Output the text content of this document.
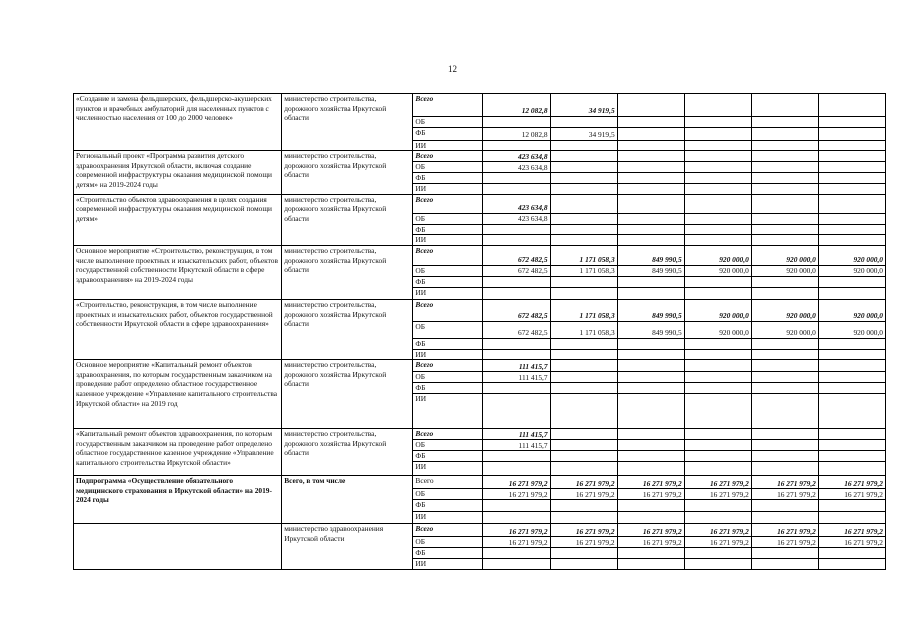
12
«Создание и замена фельдшерских, фельдшерско-акушерских пунктов и врачебных амбулаторий для населенных пунктов с численностью населения от 100 до 2000 человек»	министерство строительства, дорожного хозяйства Иркутской области	Всего	12 082,8	34 919,5				
		ОБ						
		ФБ	12 082,8	34 919,5				
		ИИ						
Региональный проект «Программа развития детского здравоохранения Иркутской области, включая создание современной инфраструктуры оказания медицинской помощи детям» на 2019-2024 годы	министерство строительства, дорожного хозяйства Иркутской области	Всего	423 634,8					
		ОБ	423 634,8					
		ФБ						
		ИИ						
«Строительство объектов здравоохранения в целях создания современной инфраструктуры оказания медицинской помощи детям»	министерство строительства, дорожного хозяйства Иркутской области	Всего	423 634,8					
		ОБ	423 634,8					
		ФБ						
		ИИ						
Основное мероприятие «Строительство, реконструкция, в том числе выполнение проектных и изыскательских работ, объектов государственной собственности Иркутской области в сфере здравоохранения» на 2019-2024 годы	министерство строительства, дорожного хозяйства Иркутской области	Всего	672 482,5	1 171 058,3	849 990,5	920 000,0	920 000,0	920 000,0
		ОБ	672 482,5	1 171 058,3	849 990,5	920 000,0	920 000,0	920 000,0
		ФБ						
		ИИ						
«Строительство, реконструкция, в том числе выполнение проектных и изыскательских работ, объектов государственной собственности Иркутской области в сфере здравоохранения»	министерство строительства, дорожного хозяйства Иркутской области	Всего	672 482,5	1 171 058,3	849 990,5	920 000,0	920 000,0	920 000,0
		ОБ	672 482,5	1 171 058,3	849 990,5	920 000,0	920 000,0	920 000,0
		ФБ						
		ИИ						
Основное мероприятие «Капитальный ремонт объектов здравоохранения, по которым государственным заказчиком на проведение работ определено областное государственное казенное учреждение «Управление капитального строительства Иркутской области» на 2019 год	министерство строительства, дорожного хозяйства Иркутской области	Всего	111 415,7					
		ОБ	111 415,7					
		ФБ						
		ИИ						
«Капитальный ремонт объектов здравоохранения, по которым государственным заказчиком на проведение работ определено областное государственное казенное учреждение «Управление капитального строительства Иркутской области»	министерство строительства, дорожного хозяйства Иркутской области	Всего	111 415,7					
		ОБ	111 415,7					
		ФБ						
		ИИ						
Подпрограмма «Осуществление обязательного медицинского страхования в Иркутской области» на 2019-2024 годы	Всего, в том числе	Всего	16 271 979,2	16 271 979,2	16 271 979,2	16 271 979,2	16 271 979,2	16 271 979,2
		ОБ	16 271 979,2	16 271 979,2	16 271 979,2	16 271 979,2	16 271 979,2	16 271 979,2
		ФБ						
		ИИ						
	министерство здравоохранения Иркутской области	Всего	16 271 979,2	16 271 979,2	16 271 979,2	16 271 979,2	16 271 979,2	16 271 979,2
		ОБ	16 271 979,2	16 271 979,2	16 271 979,2	16 271 979,2	16 271 979,2	16 271 979,2
		ФБ						
		ИИ						
